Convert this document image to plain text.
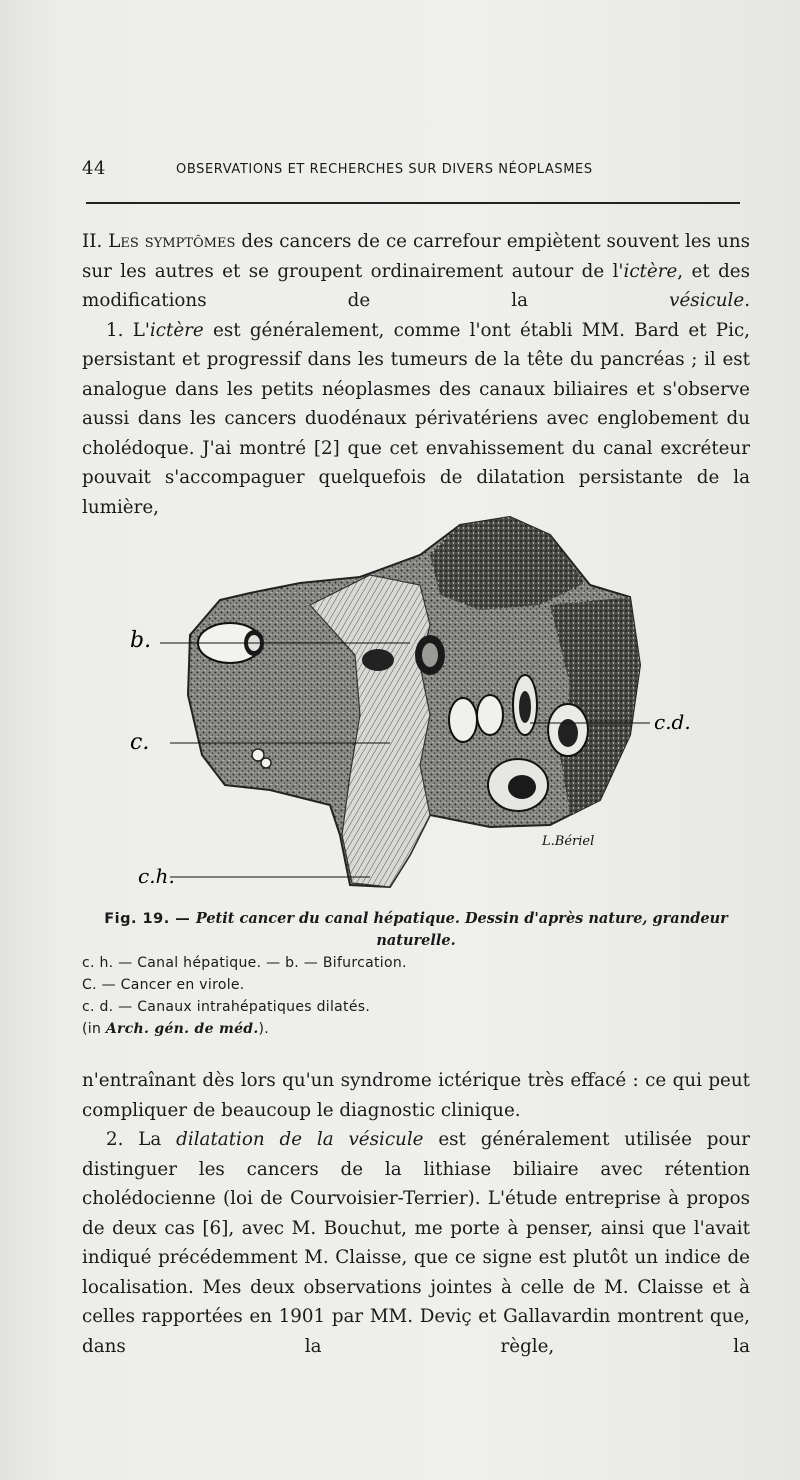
44	OBSERVATIONS ET RECHERCHES SUR DIVERS NÉOPLASMES

II. Les symptômes des cancers de ce carrefour empiètent souvent les uns sur les autres et se groupent ordinairement autour de l'ictère, et des modifications de la vésicule.

1. L'ictère est généralement, comme l'ont établi MM. Bard et Pic, persistant et progressif dans les tumeurs de la tête du pancréas ; il est analogue dans les petits néoplasmes des canaux biliaires et s'observe aussi dans les cancers duodénaux périvatériens avec englobement du cholédoque. J'ai montré [2] que cet envahissement du canal excréteur pouvait s'accompaguer quelquefois de dilatation persistante de la lumière,

b.
c.
c.d.
c.h.
L.Bériel
Fig. 19. — Petit cancer du canal hépatique. Dessin d'après nature, grandeur naturelle.
c. h. — Canal hépatique. — b. — Bifurcation.
C. — Cancer en virole.
c. d. — Canaux intrahépatiques dilatés.
(in Arch. gén. de méd.).

n'entraînant dès lors qu'un syndrome ictérique très effacé : ce qui peut compliquer de beaucoup le diagnostic clinique.

2. La dilatation de la vésicule est généralement utilisée pour distinguer les cancers de la lithiase biliaire avec rétention cholédocienne (loi de Courvoisier-Terrier). L'étude entreprise à propos de deux cas [6], avec M. Bouchut, me porte à penser, ainsi que l'avait indiqué précédemment M. Claisse, que ce signe est plutôt un indice de localisation. Mes deux observations jointes à celle de M. Claisse et à celles rapportées en 1901 par MM. Deviç et Gallavardin montrent que, dans la règle, la
